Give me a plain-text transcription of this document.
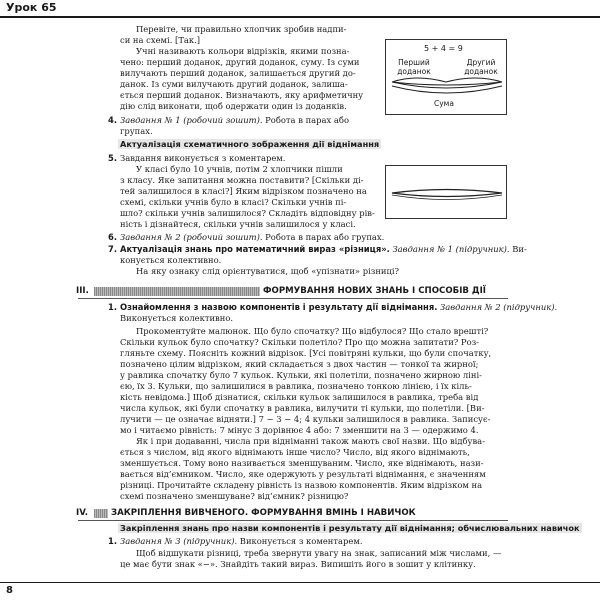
Урок 65
Перевіте, чи правильно хлопчик зробив надпи-
си на схемі. [Так.]
Учні називають кольори відрізків, якими позна-
чено: перший доданок, другий доданок, суму. Із суми
вилучають перший доданок, залишається другий до-
данок. Із суми вилучають другий доданок, залиша-
ється перший доданок. Визначають, яку арифметичну
дію слід виконати, щоб одержати один із доданків.
5 + 4 = 9
Перший доданок
Другий доданок
Сума
4. Завдання № 1 (робочий зошит). Робота в парах або
групах.
Актуалізація схематичного зображення дії віднімання
5. Завдання виконується з коментарем.
У класі було 10 учнів, потім 2 хлопчики пішли
з класу. Яке запитання можна поставити? [Скільки ді-
тей залишилося в класі?] Яким відрізком позначено на
схемі, скільки учнів було в класі? Скільки учнів пі-
шло? скільки учнів залишилося? Складіть відповідну рів-
ність і дізнайтеся, скільки учнів залишилося у класі.
6. Завдання № 2 (робочий зошит). Робота в парах або групах.
7. Актуалізація знань про математичний вираз «різниця». Завдання № 1 (підручник). Ви-
конується колективно.
На яку ознаку слід орієнтуватися, щоб «упізнати» різниці?
III.	ФОРМУВАННЯ НОВИХ ЗНАНЬ І СПОСОБІВ ДІЇ
1. Ознайомлення з назвою компонентів і результату дії віднімання. Завдання № 2 (підручник).
Виконується колективно.
Прокоментуйте малюнок. Що було спочатку? Що відбулося? Що стало врешті?
Скільки кульок було спочатку? Скільки полетіло? Про що можна запитати? Роз-
гляньте схему. Поясніть кожний відрізок. [Усі повітряні кульки, що були спочатку,
позначено цілим відрізком, який складається з двох частин — тонкої та жирної;
у равлика спочатку було 7 кульок. Кульки, які полетіли, позначено жирною ліні-
єю, їх 3. Кульки, що залишилися в равлика, позначено тонкою лінією, і їх кіль-
кість невідома.] Щоб дізнатися, скільки кульок залишилося в равлика, треба від
числа кульок, які були спочатку в равлика, вилучити ті кульки, що полетіли. [Ви-
лучити — це означає відняти.] 7 − 3 − 4; 4 кульки залишилося в равлика. Записує-
мо і читаємо рівність: 7 мінус 3 дорівнює 4 або: 7 зменшити на 3 — одержимо 4.
Як і при додаванні, числа при відніманні також мають свої назви. Що відбува-
ється з числом, від якого віднімають інше число? Число, від якого віднімають,
зменшується. Тому воно називається зменшуваним. Число, яке віднімають, нази-
вається від’ємником. Число, яке одержують у результаті віднімання, є значенням
різниці. Прочитайте складену рівність із назвою компонентів. Яким відрізком на
схемі позначено зменшуване? від’ємник? різницю?
IV.	ЗАКРІПЛЕННЯ ВИВЧЕНОГО. ФОРМУВАННЯ ВМІНЬ І НАВИЧОК
Закріплення знань про назви компонентів і результату дії віднімання; обчислювальних навичок
1. Завдання № 3 (підручник). Виконується з коментарем.
Щоб відшукати різниці, треба звернути увагу на знак, записаний між числами, —
це має бути знак «−». Знайдіть такий вираз. Випишіть його в зошит у клітинку.
8
